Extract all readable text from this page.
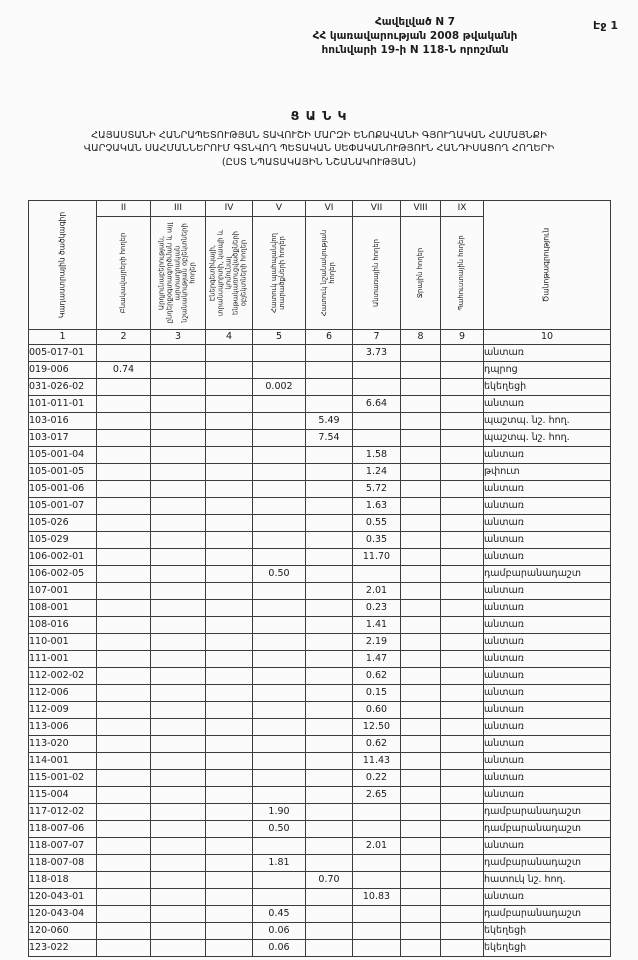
Էջ 1
Հավելված N 7
ՀՀ կառավարության 2008 թվականի
հունվարի 19-ի N 118-Ն որոշման
Ց Ա Ն Կ
ՀԱՅԱՍՏԱՆԻ ՀԱՆՐԱՊԵՏՈՒԹՅԱՆ ՏԱՎՈՒՇԻ ՄԱՐԶԻ ԵՆՈՔԱՎԱՆԻ ԳՅՈՒՂԱԿԱՆ ՀԱՄԱՅՆՔԻ
ՎԱՐՉԱԿԱՆ ՍԱՀՄԱՆՆԵՐՈՒՄ ԳՏՆՎՈՂ ՊԵՏԱԿԱՆ ՍԵՓԱԿԱՆՈՒԹՅՈՒՆ ՀԱՆԴԻՍԱՑՈՂ ՀՈՂԵՐԻ
(ԸՍՏ ՆՊԱՏԱԿԱՅԻՆ ՆՇԱՆԱԿՈՒԹՅԱՆ)
Կադաստրային ծածկագիր	II	III	IV	V	VI	VII	VIII	IX	Ծանոթագրություն

	Բնակավայրերի հողեր	Արդյունաբերության, ընդերքօգտագործման և այլ արտադրական նշանակության օբյեկտների հողեր	Էներգետիկայի, տրանսպորտի, կապի և կոմունալ ենթակառուցվածքների օբյեկտների հողեր	Հատուկ պահպանվող տարածքների հողեր	Հատուկ նշանակության հողեր	Անտառային հողեր	Ջրային հողեր	Պահուստային հողեր	

1	2	3	4	5	6	7	8	9	10
005-017-01						3.73			անտառ
019-006	0.74								դպրոց
031-026-02				0.002					եկեղեցի
101-011-01						6.64			անտառ
103-016					5.49				պաշտպ. նշ. հող.
103-017					7.54				պաշտպ. նշ. հող.
105-001-04						1.58			անտառ
105-001-05						1.24			թփուտ
105-001-06						5.72			անտառ
105-001-07						1.63			անտառ
105-026						0.55			անտառ
105-029						0.35			անտառ
106-002-01						11.70			անտառ
106-002-05				0.50					դամբարանադաշտ
107-001						2.01			անտառ
108-001						0.23			անտառ
108-016						1.41			անտառ
110-001						2.19			անտառ
111-001						1.47			անտառ
112-002-02						0.62			անտառ
112-006						0.15			անտառ
112-009						0.60			անտառ
113-006						12.50			անտառ
113-020						0.62			անտառ
114-001						11.43			անտառ
115-001-02						0.22			անտառ
115-004						2.65			անտառ
117-012-02				1.90					դամբարանադաշտ
118-007-06				0.50					դամբարանադաշտ
118-007-07						2.01			անտառ
118-007-08				1.81					դամբարանադաշտ
118-018					0.70				հատուկ նշ. հող.
120-043-01						10.83			անտառ
120-043-04				0.45					դամբարանադաշտ
120-060				0.06					եկեղեցի
123-022				0.06					եկեղեցի
